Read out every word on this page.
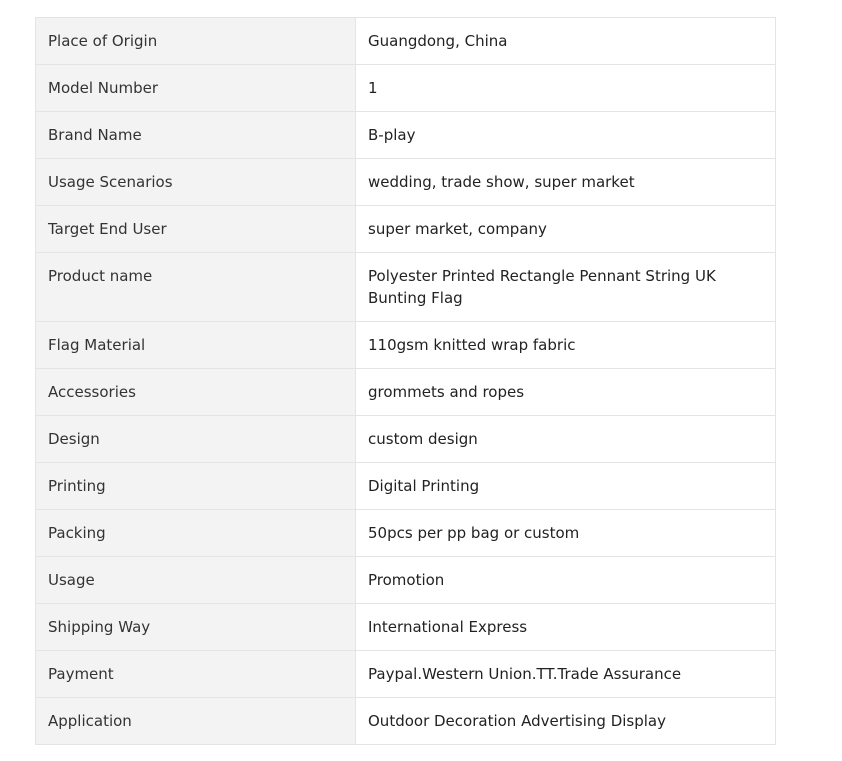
Place of Origin	Guangdong, China
Model Number	1
Brand Name	B-play
Usage Scenarios	wedding, trade show, super market
Target End User	super market, company
Product name	Polyester Printed Rectangle Pennant String UK Bunting Flag
Flag Material	110gsm knitted wrap fabric
Accessories	grommets and ropes
Design	custom design
Printing	Digital Printing
Packing	50pcs per pp bag or custom
Usage	Promotion
Shipping Way	International Express
Payment	Paypal.Western Union.TT.Trade Assurance
Application	Outdoor Decoration Advertising Display
